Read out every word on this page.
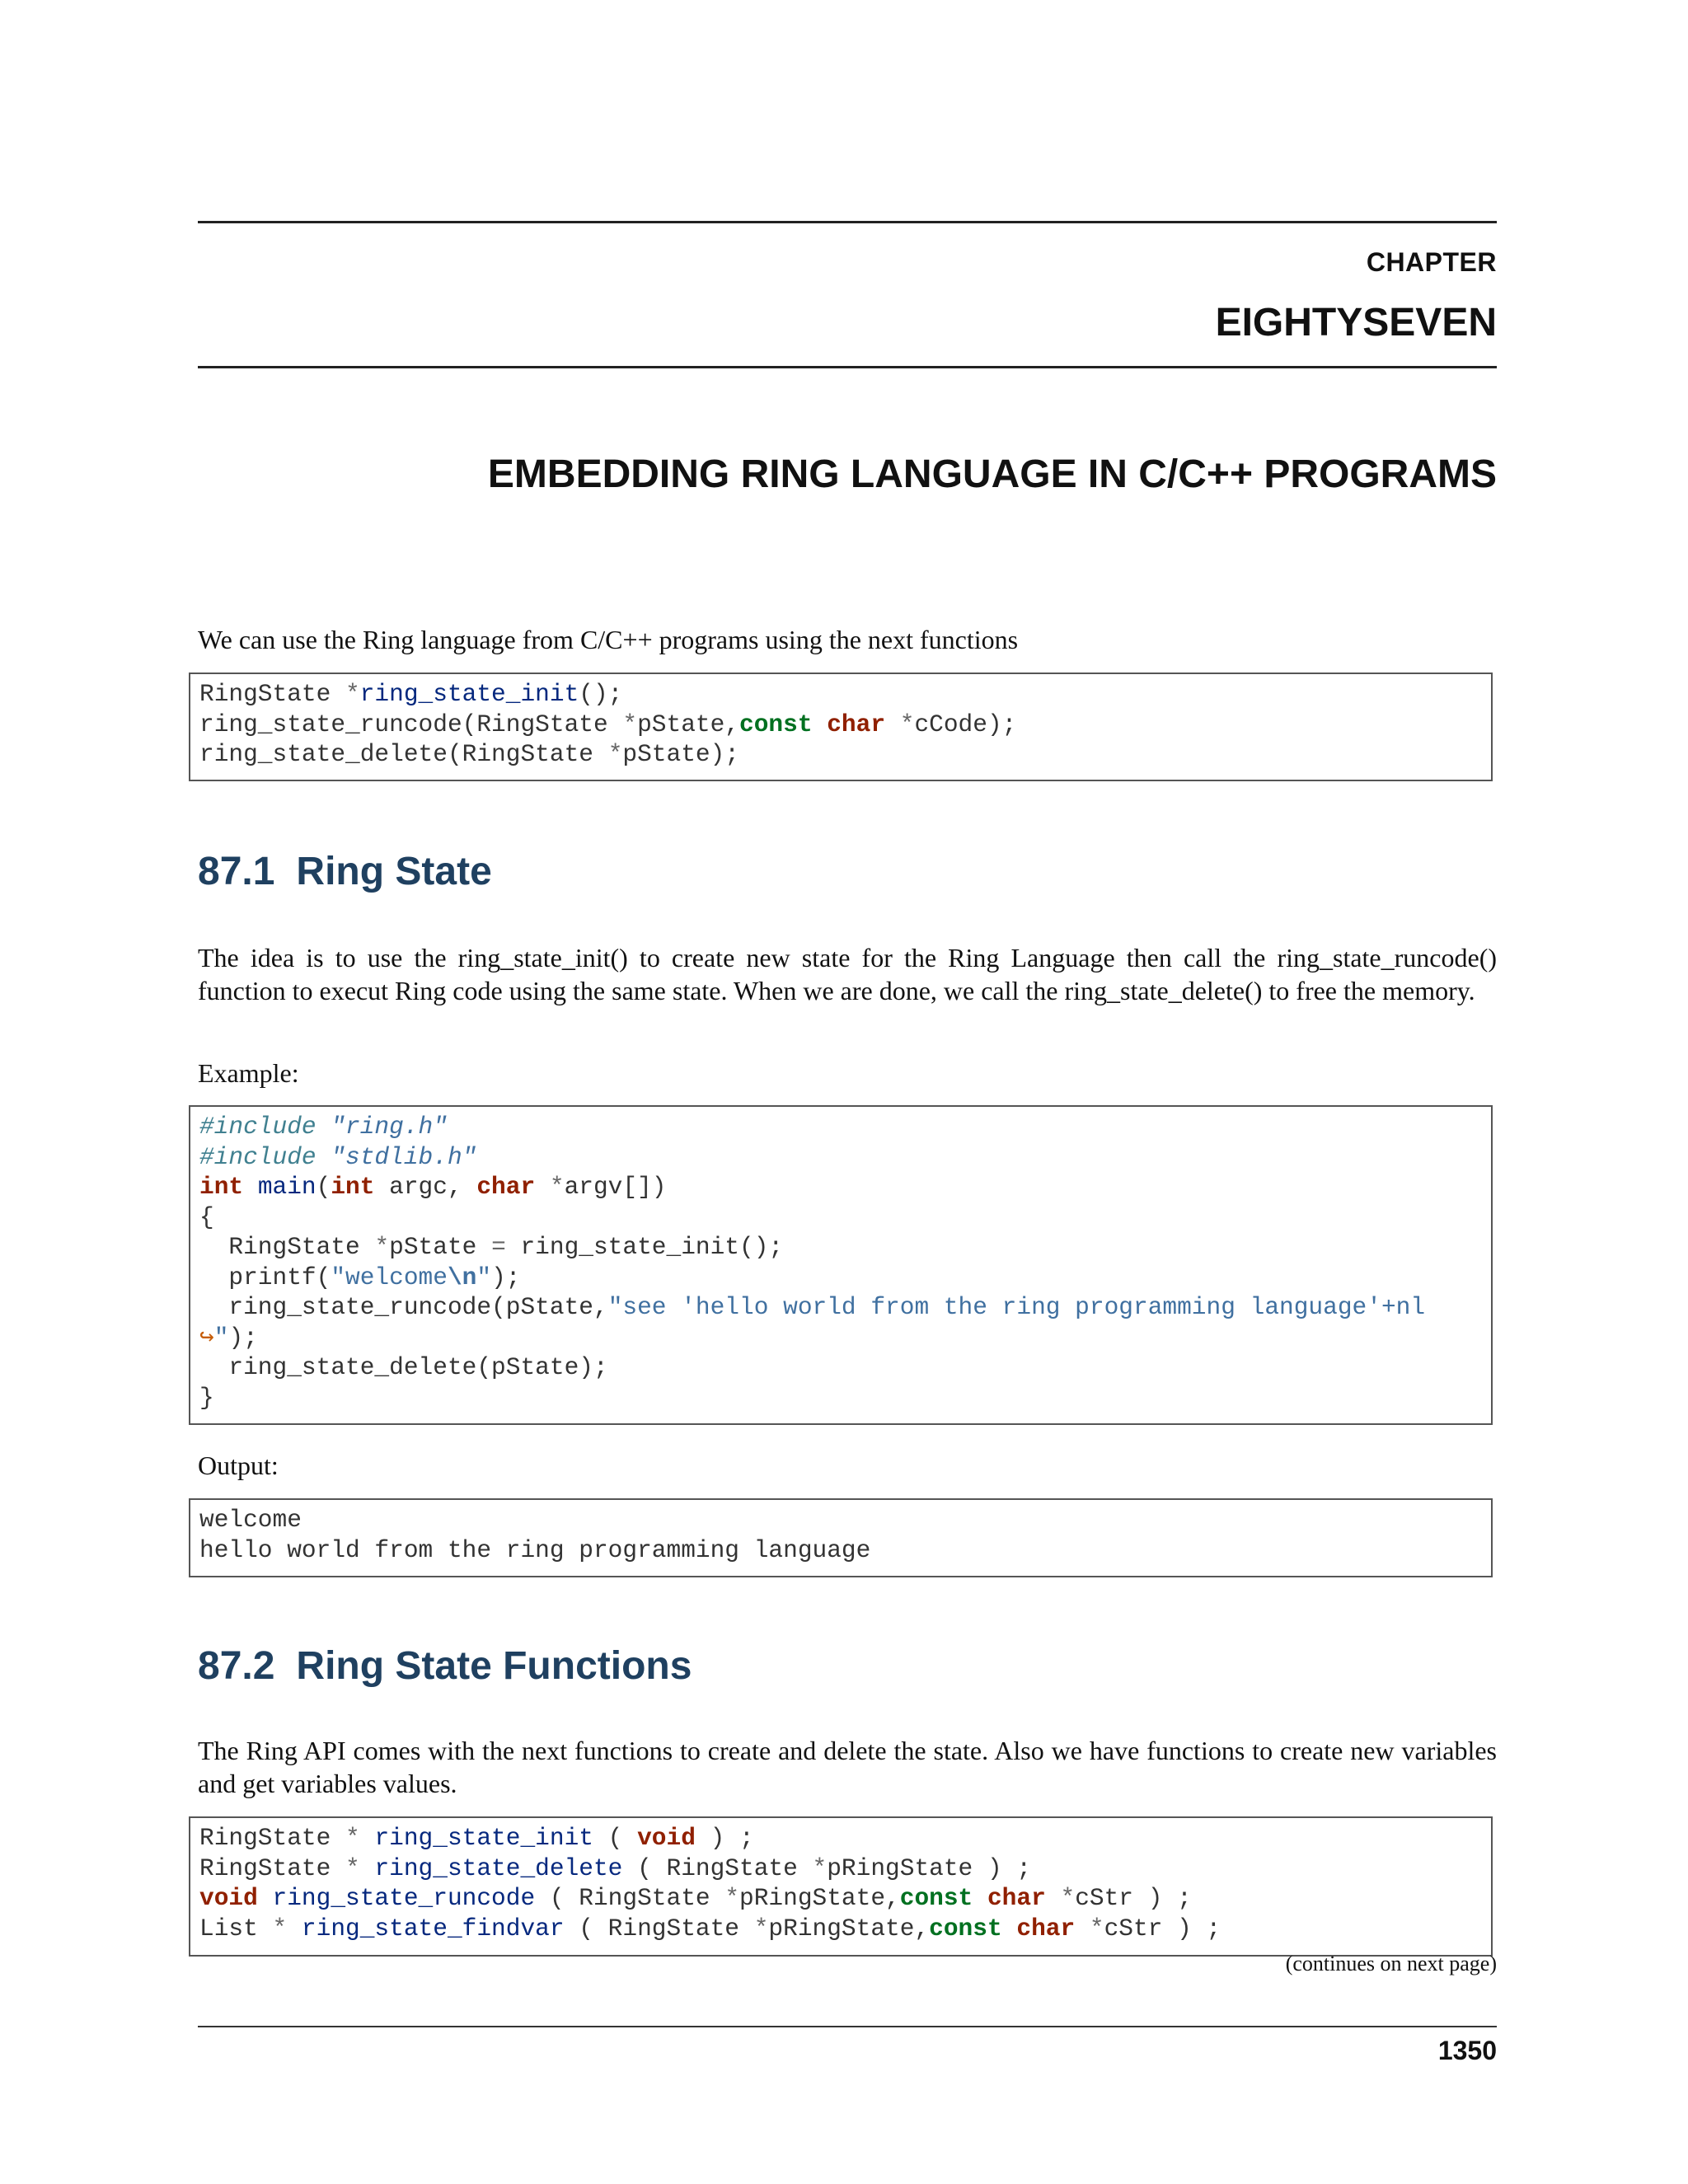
CHAPTER
EIGHTYSEVEN
EMBEDDING RING LANGUAGE IN C/C++ PROGRAMS
We can use the Ring language from C/C++ programs using the next functions
RingState *ring_state_init();
ring_state_runcode(RingState *pState,const char *cCode);
ring_state_delete(RingState *pState);
87.1 Ring State
The idea is to use the ring_state_init() to create new state for the Ring Language then call the ring_state_runcode() function to execut Ring code using the same state. When we are done, we call the ring_state_delete() to free the memory.
Example:
#include "ring.h"
#include "stdlib.h"
int main(int argc, char *argv[])
{
RingState *pState = ring_state_init();
printf("welcome\n");
ring_state_runcode(pState,"see 'hello world from the ring programming language'+nl
↪");
ring_state_delete(pState);
}
Output:
welcome
hello world from the ring programming language
87.2 Ring State Functions
The Ring API comes with the next functions to create and delete the state. Also we have functions to create new variables and get variables values.
RingState * ring_state_init ( void ) ;
RingState * ring_state_delete ( RingState *pRingState ) ;
void ring_state_runcode ( RingState *pRingState,const char *cStr ) ;
List * ring_state_findvar ( RingState *pRingState,const char *cStr ) ;
(continues on next page)
1350
